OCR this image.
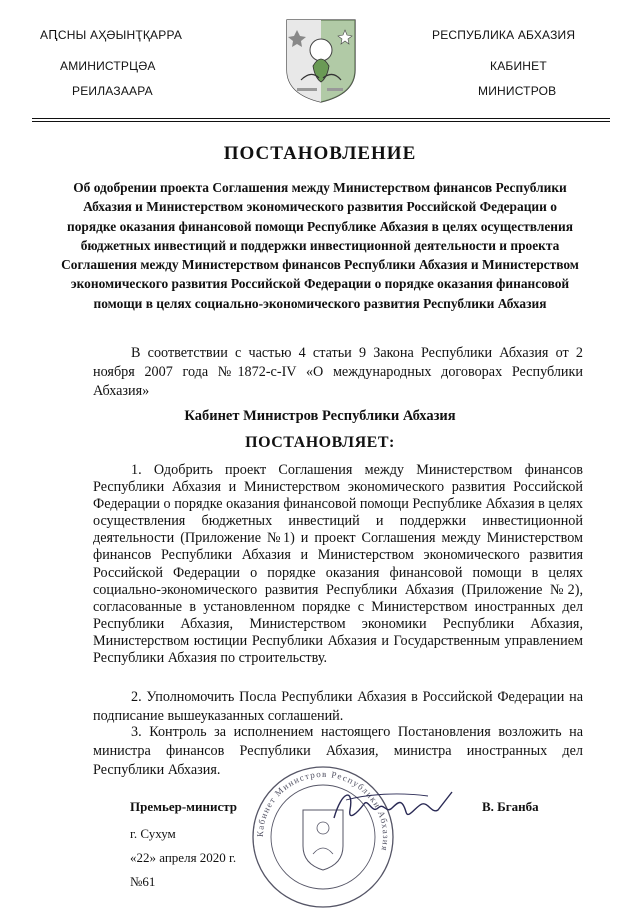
АԤСНЫ АҲӘЫНҬҚАРРА
АМИНИСТРЦӘА
РЕИЛАЗААРА
РЕСПУБЛИКА АБХАЗИЯ
КАБИНЕТ
МИНИСТРОВ
ПОСТАНОВЛЕНИЕ
Об одобрении проекта Соглашения между Министерством финансов Республики Абхазия и Министерством экономического развития Российской Федерации о порядке оказания финансовой помощи Республике Абхазия в целях осуществления бюджетных инвестиций и поддержки инвестиционной деятельности и проекта Соглашения между Министерством финансов Республики Абхазия и Министерством экономического развития Российской Федерации о порядке оказания финансовой помощи в целях социально-экономического развития Республики Абхазия

В соответствии с частью 4 статьи 9 Закона Республики Абхазия от 2 ноября 2007 года №1872-с-IV «О международных договорах Республики Абхазия»

Кабинет Министров Республики Абхазия
ПОСТАНОВЛЯЕТ:

1. Одобрить проект Соглашения между Министерством финансов Республики Абхазия и Министерством экономического развития Российской Федерации о порядке оказания финансовой помощи Республике Абхазия в целях осуществления бюджетных инвестиций и поддержки инвестиционной деятельности (Приложение №1) и проект Соглашения между Министерством финансов Республики Абхазия и Министерством экономического развития Российской Федерации о порядке оказания финансовой помощи в целях социально-экономического развития Республики Абхазия (Приложение №2), согласованные в установленном порядке с Министерством иностранных дел Республики Абхазия, Министерством экономики Республики Абхазия, Министерством юстиции Республики Абхазия и Государственным управлением Республики Абхазия по строительству.

2. Уполномочить Посла Республики Абхазия в Российской Федерации на подписание вышеуказанных соглашений.

3. Контроль за исполнением настоящего Постановления возложить на министра финансов Республики Абхазия, министра иностранных дел Республики Абхазия.

Кабинет Министров Республики Абхазия
Премьер-министр	В. Бганба
г. Сухум
«22» апреля 2020 г.
№61
